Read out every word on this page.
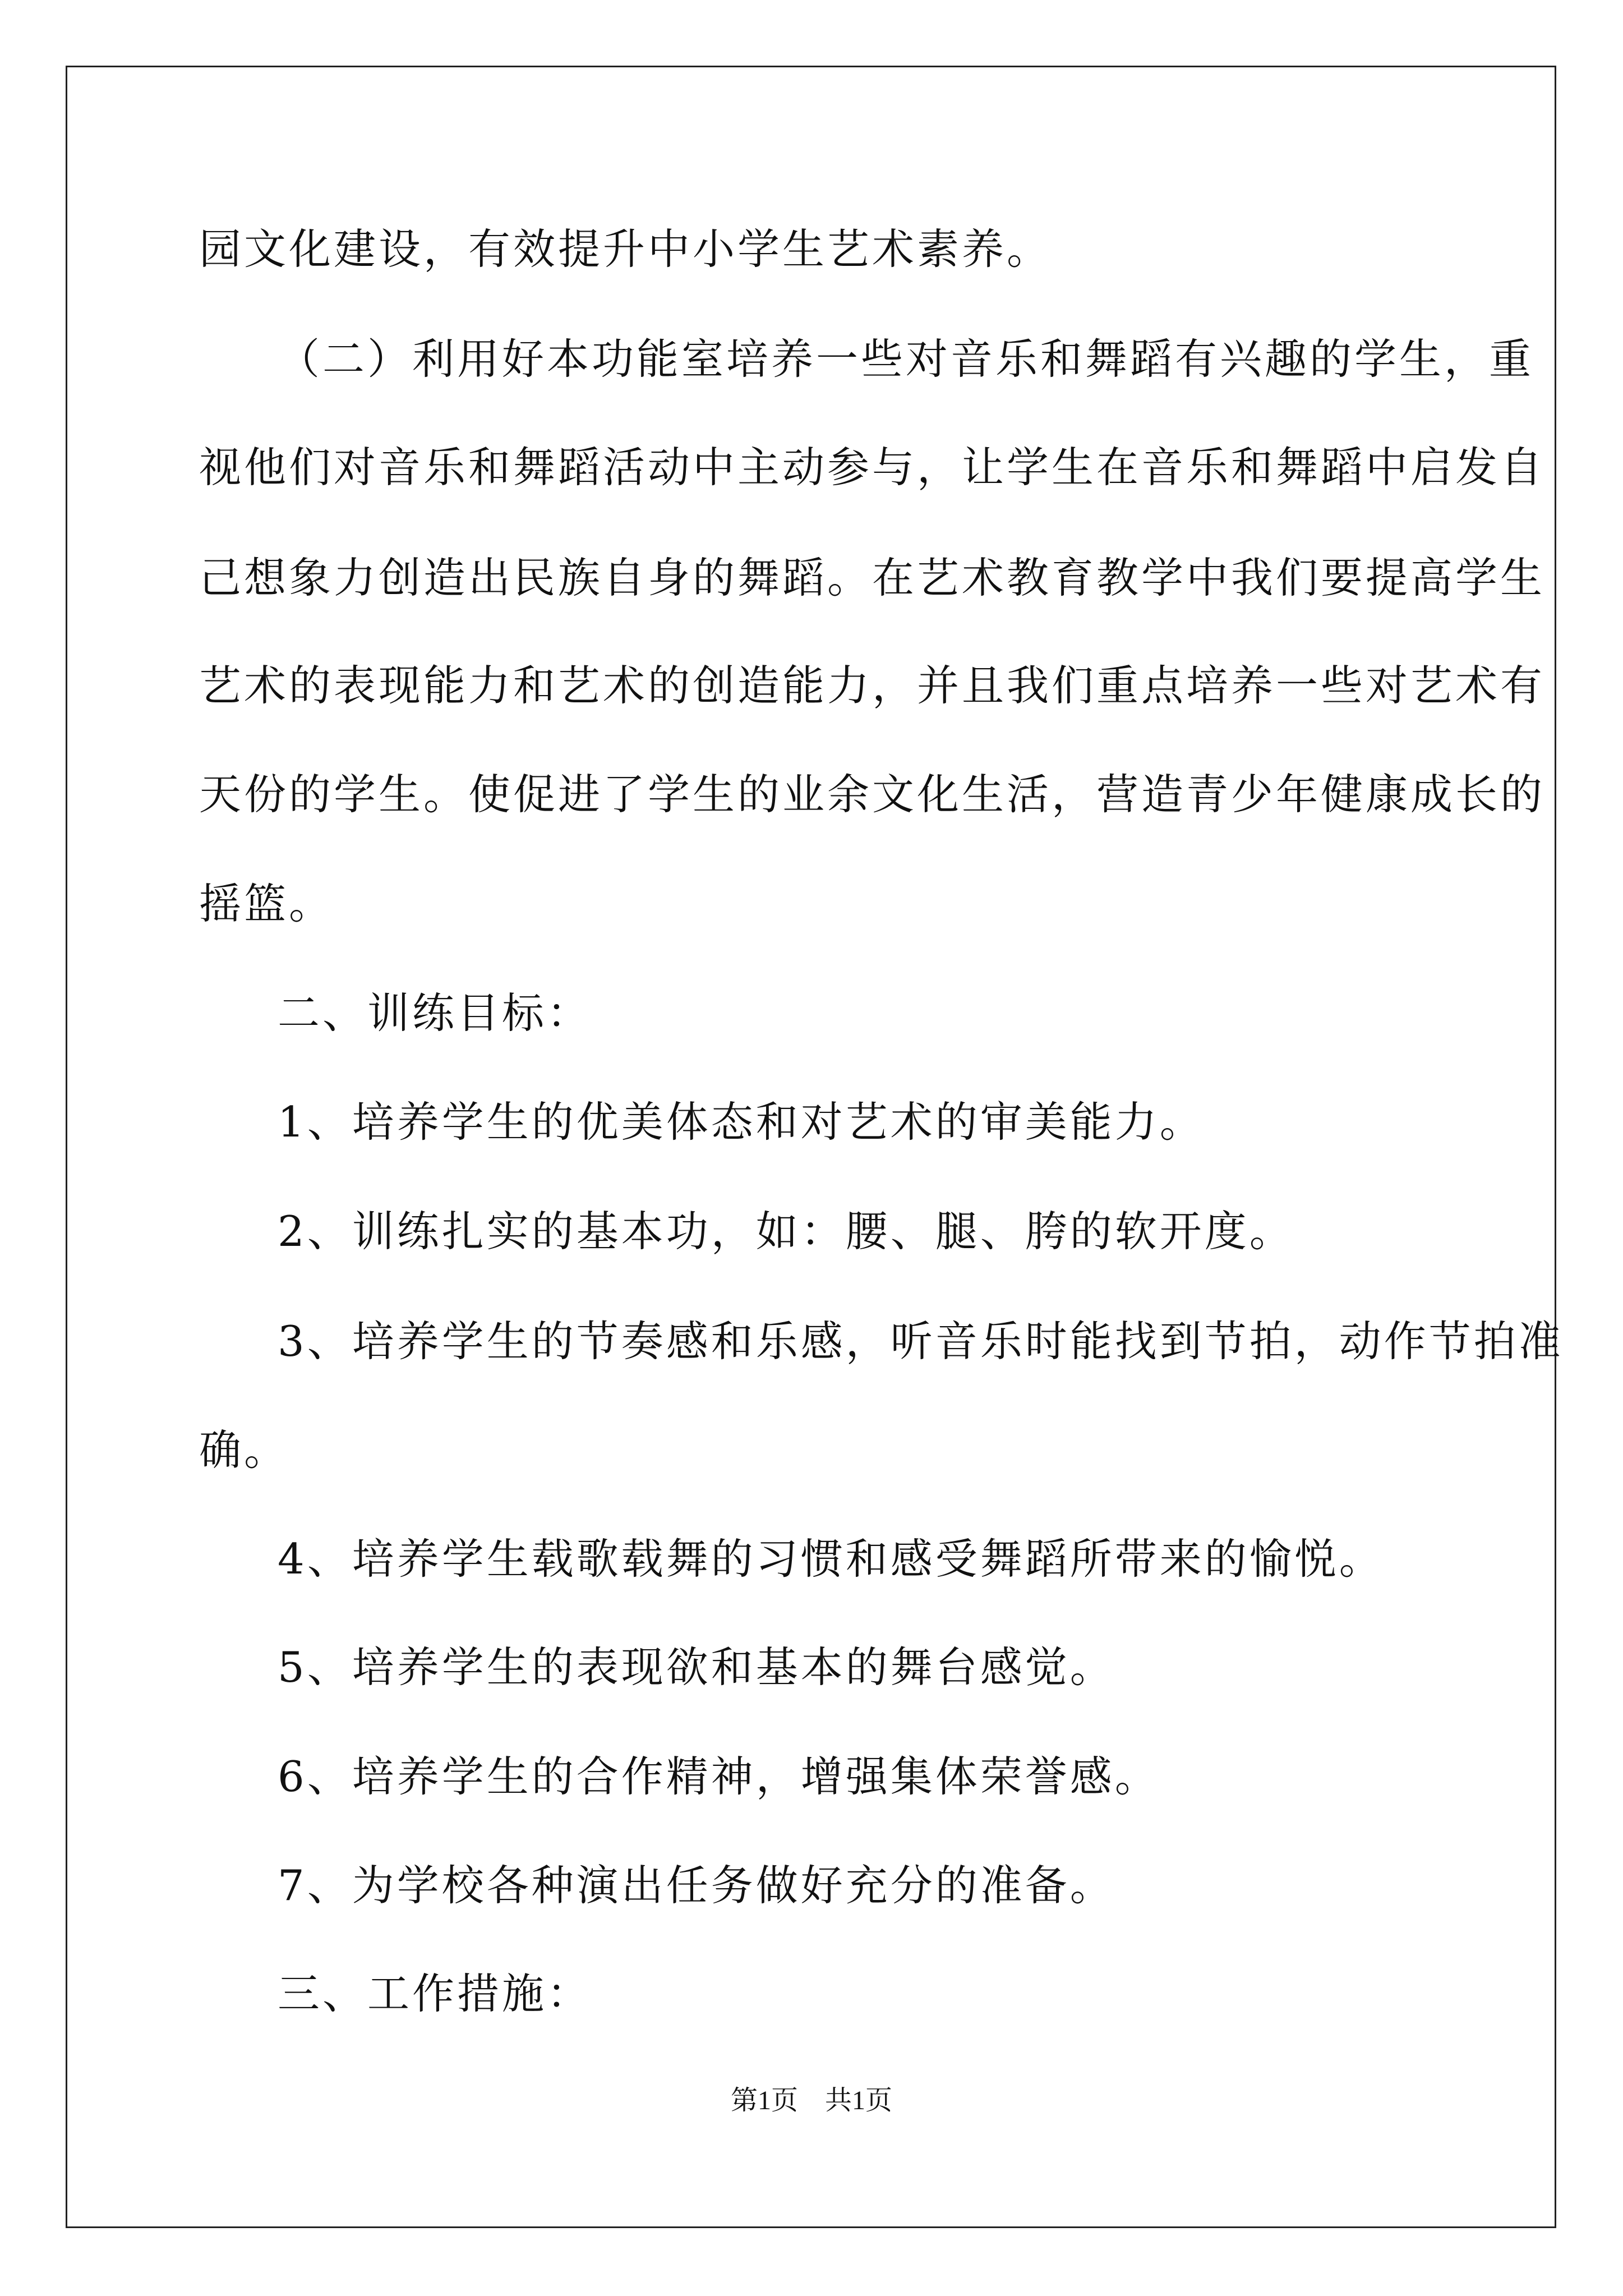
园文化建设，有效提升中小学生艺术素养。
（二）利用好本功能室培养一些对音乐和舞蹈有兴趣的学生，重
视他们对音乐和舞蹈活动中主动参与，让学生在音乐和舞蹈中启发自
己想象力创造出民族自身的舞蹈。在艺术教育教学中我们要提高学生
艺术的表现能力和艺术的创造能力，并且我们重点培养一些对艺术有
天份的学生。使促进了学生的业余文化生活，营造青少年健康成长的
摇篮。
二、训练目标：
1、培养学生的优美体态和对艺术的审美能力。
2、训练扎实的基本功，如：腰、腿、胯的软开度。
3、培养学生的节奏感和乐感，听音乐时能找到节拍，动作节拍准
确。
4、培养学生载歌载舞的习惯和感受舞蹈所带来的愉悦。
5、培养学生的表现欲和基本的舞台感觉。
6、培养学生的合作精神，增强集体荣誉感。
7、为学校各种演出任务做好充分的准备。
三、工作措施：
第1页　共1页
